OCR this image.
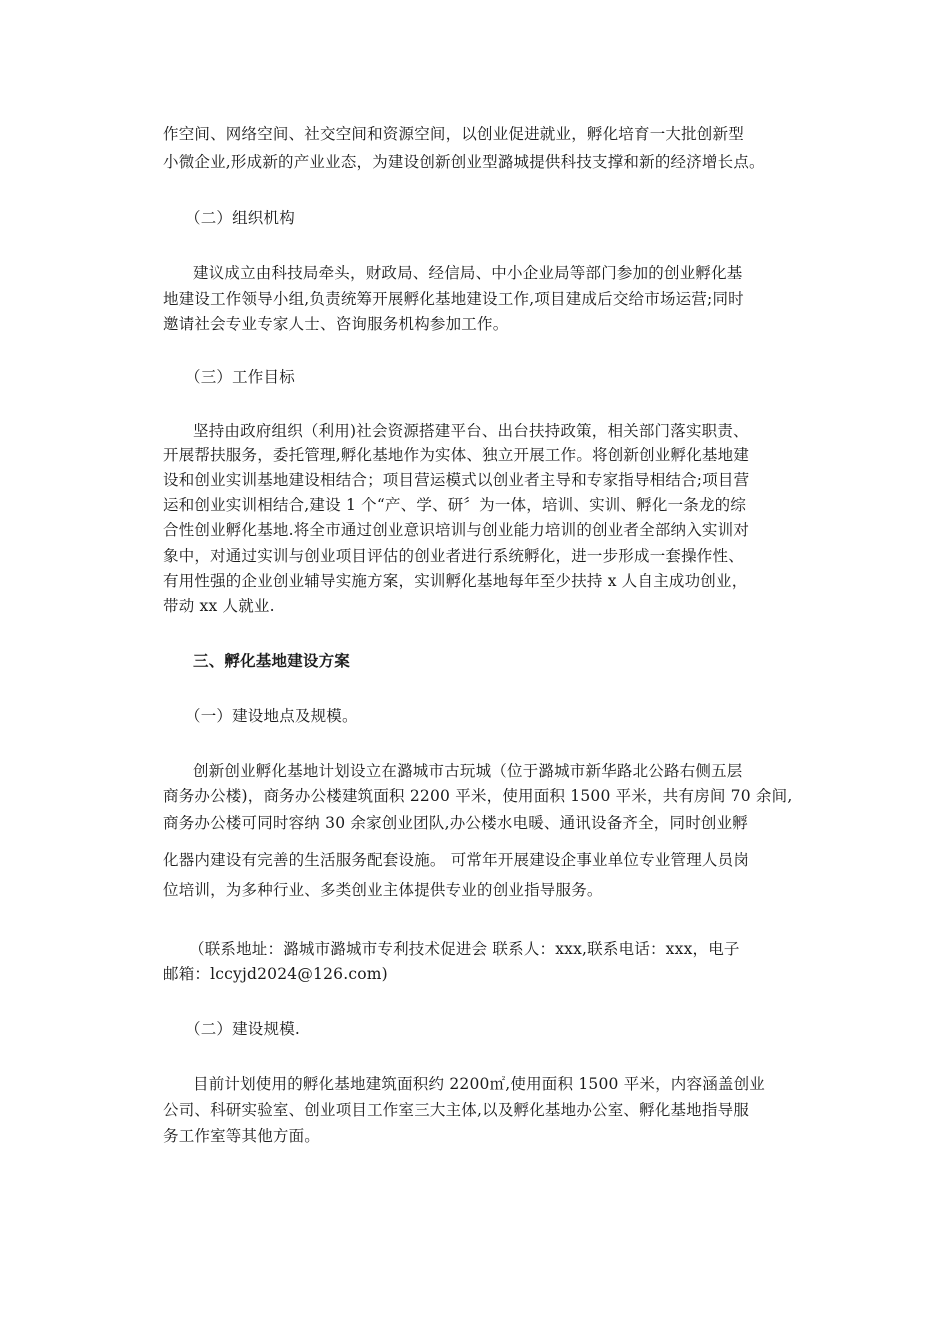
作空间、网络空间、社交空间和资源空间，以创业促进就业，孵化培育一大批创新型
小微企业,形成新的产业业态，为建设创新创业型潞城提供科技支撑和新的经济增长点。
（二）组织机构
建议成立由科技局牵头，财政局、经信局、中小企业局等部门参加的创业孵化基
地建设工作领导小组,负责统筹开展孵化基地建设工作,项目建成后交给市场运营;同时
邀请社会专业专家人士、咨询服务机构参加工作。
（三）工作目标
坚持由政府组织（利用)社会资源搭建平台、出台扶持政策，相关部门落实职责、
开展帮扶服务，委托管理,孵化基地作为实体、独立开展工作。将创新创业孵化基地建
设和创业实训基地建设相结合；项目营运模式以创业者主导和专家指导相结合;项目营
运和创业实训相结合,建设 1 个“产、学、研〞为一体，培训、实训、孵化一条龙的综
合性创业孵化基地.将全市通过创业意识培训与创业能力培训的创业者全部纳入实训对
象中，对通过实训与创业项目评估的创业者进行系统孵化，进一步形成一套操作性、
有用性强的企业创业辅导实施方案，实训孵化基地每年至少扶持 x 人自主成功创业，
带动 xx 人就业.
三、孵化基地建设方案
（一）建设地点及规模。
创新创业孵化基地计划设立在潞城市古玩城（位于潞城市新华路北公路右侧五层
商务办公楼)，商务办公楼建筑面积 2200 平米，使用面积 1500 平米，共有房间 70 余间,
商务办公楼可同时容纳 30 余家创业团队,办公楼水电暖、通讯设备齐全，同时创业孵
化器内建设有完善的生活服务配套设施。 可常年开展建设企事业单位专业管理人员岗
位培训，为多种行业、多类创业主体提供专业的创业指导服务。
（联系地址：潞城市潞城市专利技术促进会 联系人：xxx,联系电话：xxx，电子
邮箱：lccyjd2024@126.com)
（二）建设规模.
目前计划使用的孵化基地建筑面积约 2200㎡,使用面积 1500 平米，内容涵盖创业
公司、科研实验室、创业项目工作室三大主体,以及孵化基地办公室、孵化基地指导服
务工作室等其他方面。
